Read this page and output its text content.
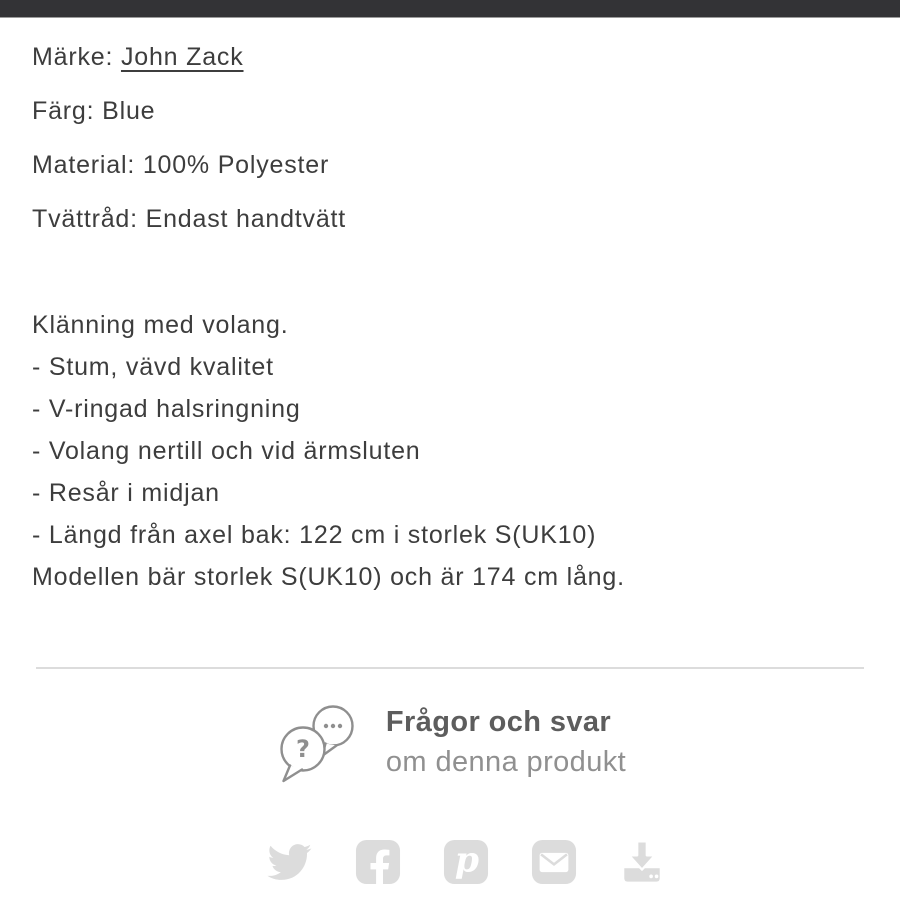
Märke: John Zack

Färg: Blue

Material: 100% Polyester

Tvättråd: Endast handtvätt

Klänning med volang.

- Stum, vävd kvalitet

- V-ringad halsringning

- Volang nertill och vid ärmsluten

- Resår i midjan

- Längd från axel bak: 122 cm i storlek S(UK10)

Modellen bär storlek S(UK10) och är 174 cm lång.

?
Frågor och svar
om denna produkt
p
